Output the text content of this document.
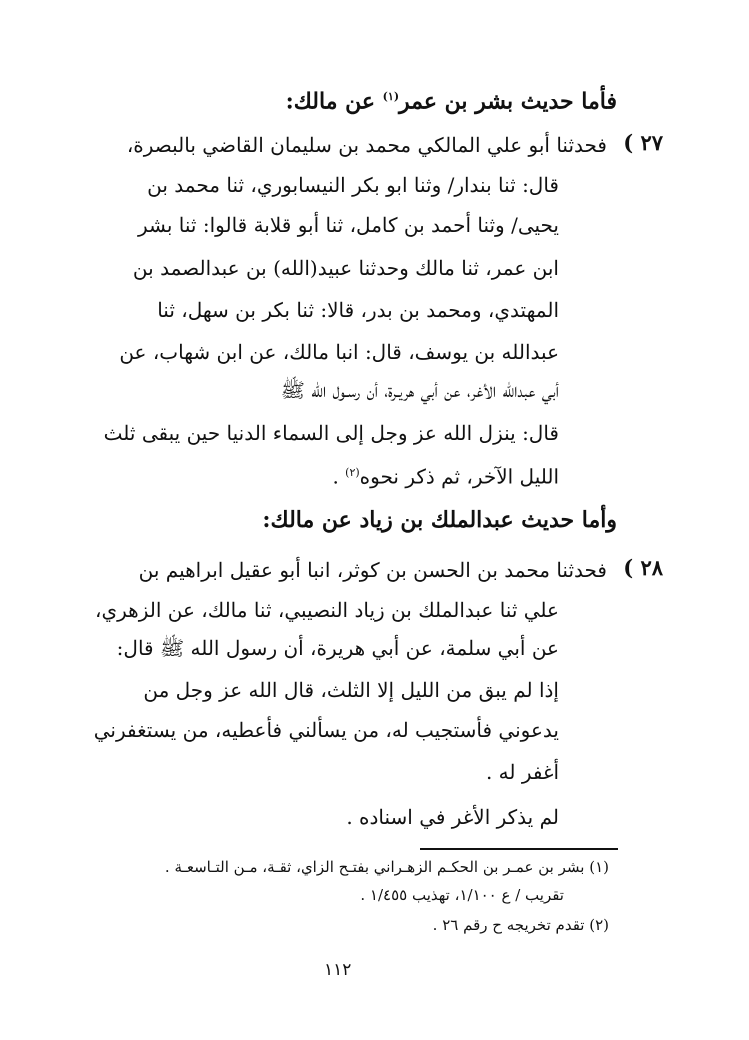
فأما حديث بشر بن عمر$^{(١)}$ عن مالك:
٢٧ )
فحدثنا أبو علي المالكي محمد بن سليمان القاضي بالبصرة،
قال: ثنا بندار/ وثنا ابو بكر النيسابوري، ثنا محمد بن
يحيى/ وثنا أحمد بن كامل، ثنا أبو قلابة قالوا: ثنا بشر
ابن عمر، ثنا مالك وحدثنا عبيد(الله) بن عبدالصمد بن
المهتدي، ومحمد بن بدر، قالا: ثنا بكر بن سهل، ثنا
عبدالله بن يوسف، قال: انبا مالك، عن ابن شهاب، عن
أبي عبدالله الأغر، عن أبي هريـرة، أن رسـول الله ﷺ
قال: ينزل الله عز وجل إلى السماء الدنيا حين يبقى ثلث
الليل الآخر، ثم ذكر نحوه$^{(٢)}$ .
وأما حديث عبدالملك بن زياد عن مالك:
٢٨ )
فحدثنا محمد بن الحسن بن كوثر، انبا أبو عقيل ابراهيم بن
علي ثنا عبدالملك بن زياد النصيبي، ثنا مالك، عن الزهري،
عن أبي سلمة، عن أبي هريرة، أن رسول الله ﷺ قال:
إذا لم يبق من الليل إلا الثلث، قال الله عز وجل من
يدعوني فأستجيب له، من يسألني فأعطيه، من يستغفرني
أغفر له .
لم يذكر الأغر في اسناده .
(١) بشر بن عمـر بن الحكـم الزهـراني بفتـح الزاي، ثقـة، مـن التـاسعـة .
تقريب / ع ١/١٠٠، تهذيب ١/٤٥٥ .
(٢) تقدم تخريجه ح رقم ٢٦ .
١١٢
